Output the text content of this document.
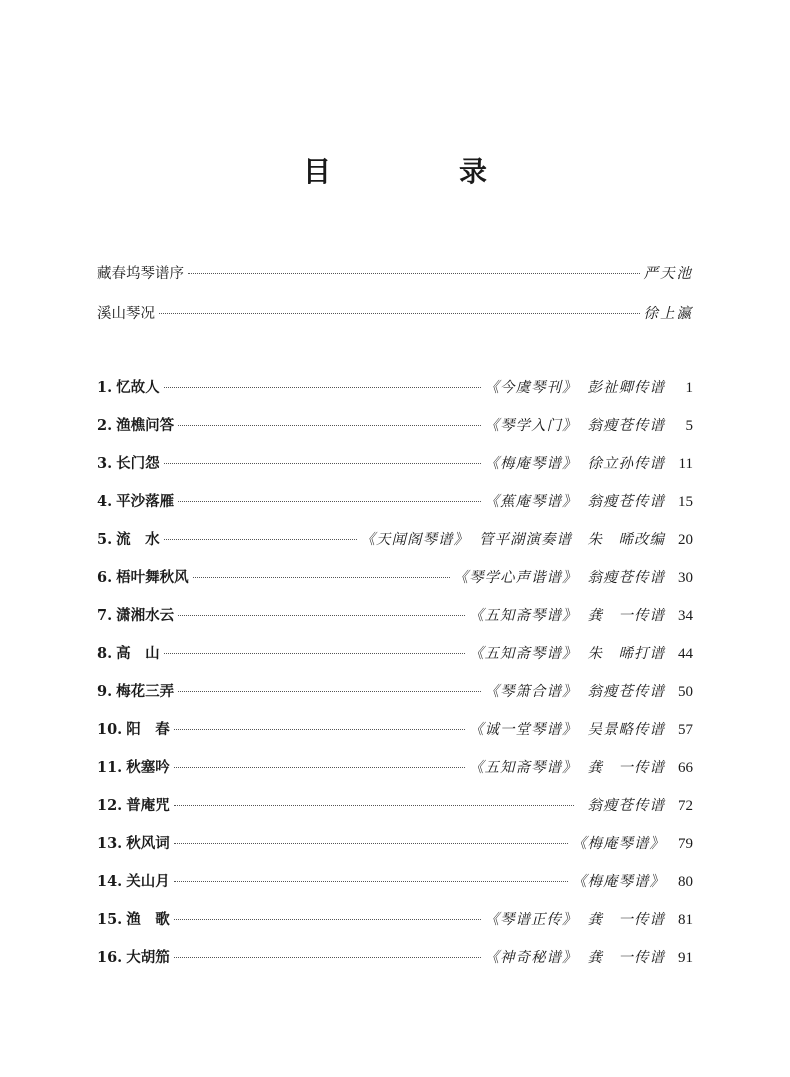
目　录
藏春坞琴谱序	严天池
溪山琴况	徐上瀛
1. 忆故人	《今虞琴刊》 彭祉卿传谱	1
2. 渔樵问答	《琴学入门》 翁瘦苍传谱	5
3. 长门怨	《梅庵琴谱》 徐立孙传谱 11
4. 平沙落雁	《蕉庵琴谱》 翁瘦苍传谱 15
5. 流　水	《天闻阁琴谱》 管平湖演奏谱　朱　晞改编 20
6. 梧叶舞秋风	《琴学心声谐谱》 翁瘦苍传谱 30
7. 潇湘水云	《五知斋琴谱》 龚　一传谱 34
8. 高　山	《五知斋琴谱》 朱　晞打谱 44
9. 梅花三弄	《琴箫合谱》 翁瘦苍传谱 50
10. 阳　春	《诚一堂琴谱》 吴景略传谱 57
11. 秋塞吟	《五知斋琴谱》 龚　一传谱 66
12. 普庵咒	翁瘦苍传谱 72
13. 秋风词	《梅庵琴谱》 79
14. 关山月	《梅庵琴谱》 80
15. 渔　歌	《琴谱正传》 龚　一传谱 81
16. 大胡笳	《神奇秘谱》 龚　一传谱 91
